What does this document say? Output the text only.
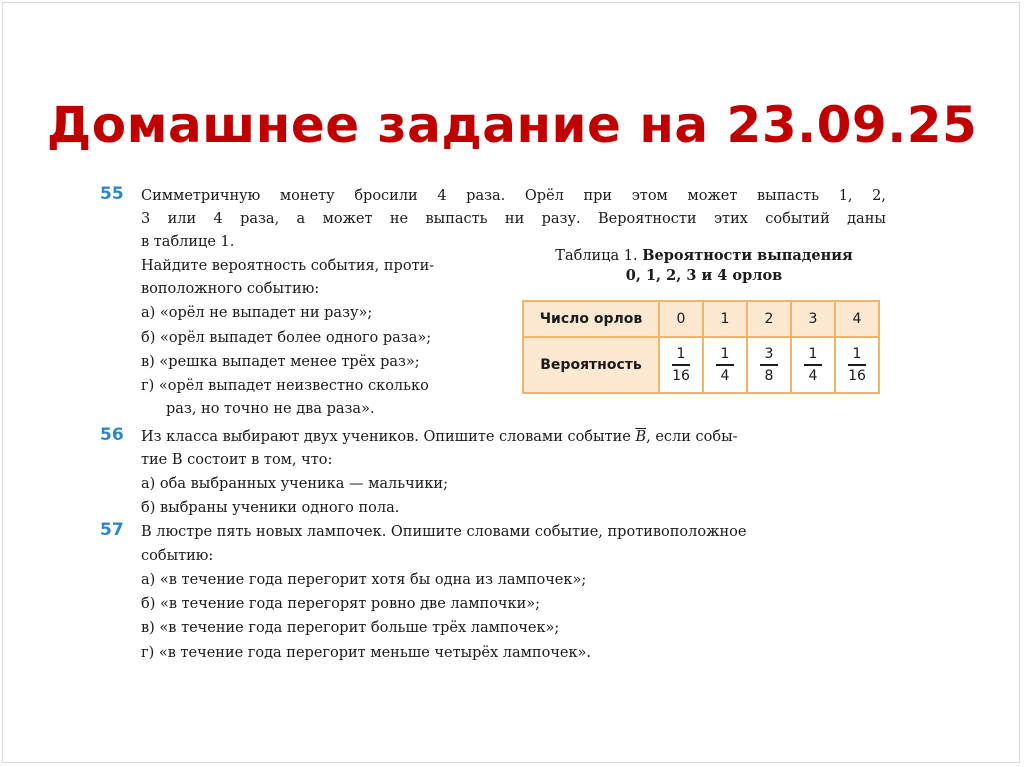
Домашнее задание на 23.09.25
55 Симметричную монету бросили 4 раза. Орёл при этом может выпасть 1, 2,
3 или 4 раза, а может не выпасть ни разу. Вероятности этих событий даны
в таблице 1.
Найдите вероятность события, проти-
воположного событию:
а) «орёл не выпадет ни разу»;
б) «орёл выпадет более одного раза»;
в) «решка выпадет менее трёх раз»;
г) «орёл выпадет неизвестно сколько
раз, но точно не два раза».
Таблица 1. Вероятности выпадения
0, 1, 2, 3 и 4 орлов
Число орлов	0	1	2	3	4
Вероятность	$\frac{1}{16}$	$\frac{1}{4}$	$\frac{3}{8}$	$\frac{1}{4}$	$\frac{1}{16}$
56 Из класса выбирают двух учеников. Опишите словами событие $\overline{B}$, если собы-
тие B состоит в том, что:
а) оба выбранных ученика — мальчики;
б) выбраны ученики одного пола.
57 В люстре пять новых лампочек. Опишите словами событие, противоположное
событию:
а) «в течение года перегорит хотя бы одна из лампочек»;
б) «в течение года перегорят ровно две лампочки»;
в) «в течение года перегорит больше трёх лампочек»;
г) «в течение года перегорит меньше четырёх лампочек».
